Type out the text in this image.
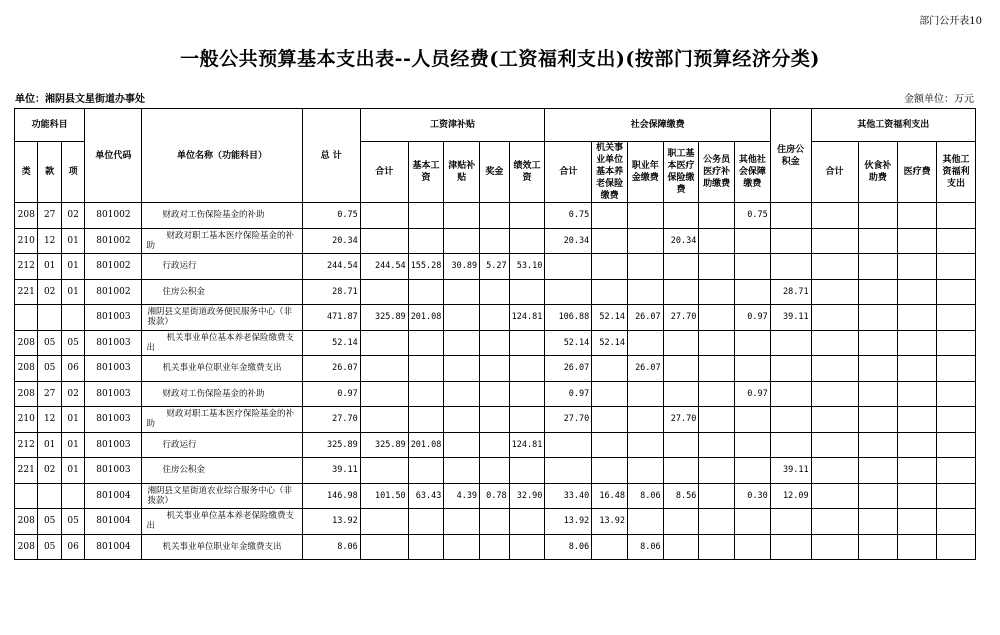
部门公开表10
一般公共预算基本支出表--人员经费(工资福利支出)(按部门预算经济分类)
单位：湘阴县文星街道办事处	金额单位：万元
功能科目			单位代码	单位名称（功能科目）	总 计	工资津补贴					社会保障缴费						住房公积金	其他工资福利支出			
类	款	项				合计	基本工资	津贴补贴	奖金	绩效工资	合计	机关事业单位基本养老保险缴费	职业年金缴费	职工基本医疗保险缴费	公务员医疗补助缴费	其他社会保障缴费		合计	伙食补助费	医疗费	其他工资福利支出
208	27	02	801002	财政对工伤保险基金的补助	0.75						0.75					0.75					
210	12	01	801002	财政对职工基本医疗保险基金的补助	20.34						20.34			20.34							
212	01	01	801002	行政运行	244.54	244.54	155.28	30.89	5.27	53.10											
221	02	01	801002	住房公积金	28.71												28.71				
			801003	湘阴县文星街道政务便民服务中心（非拨款）	471.87	325.89	201.08			124.81	106.88	52.14	26.07	27.70		0.97	39.11				
208	05	05	801003	机关事业单位基本养老保险缴费支出	52.14						52.14	52.14									
208	05	06	801003	机关事业单位职业年金缴费支出	26.07						26.07		26.07								
208	27	02	801003	财政对工伤保险基金的补助	0.97						0.97					0.97					
210	12	01	801003	财政对职工基本医疗保险基金的补助	27.70						27.70			27.70							
212	01	01	801003	行政运行	325.89	325.89	201.08			124.81											
221	02	01	801003	住房公积金	39.11												39.11				
			801004	湘阴县文星街道农业综合服务中心（非拨款）	146.98	101.50	63.43	4.39	0.78	32.90	33.40	16.48	8.06	8.56		0.30	12.09				
208	05	05	801004	机关事业单位基本养老保险缴费支出	13.92						13.92	13.92									
208	05	06	801004	机关事业单位职业年金缴费支出	8.06						8.06		8.06								
